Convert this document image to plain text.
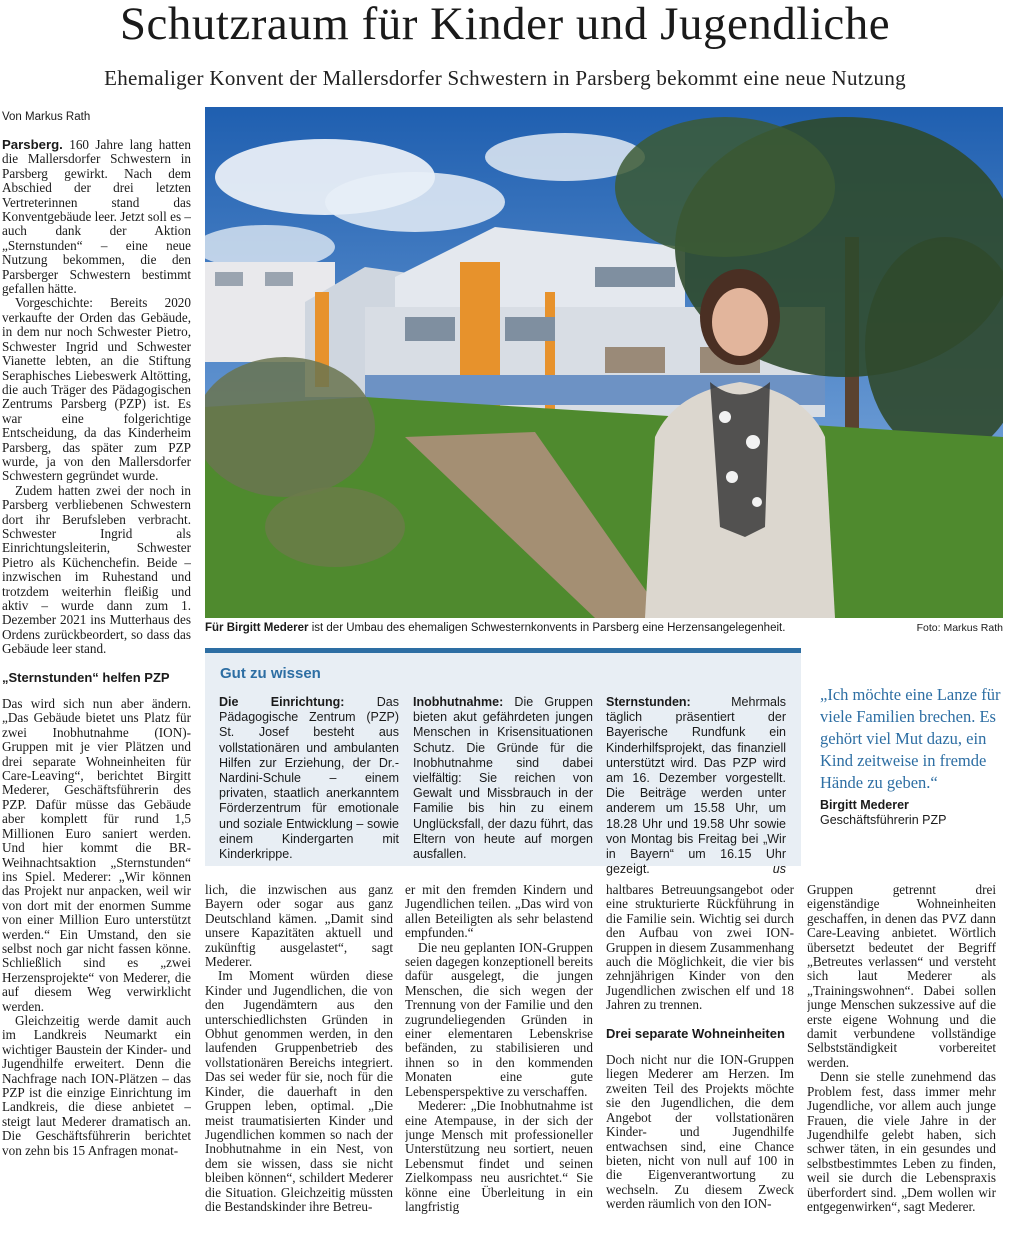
Schutzraum für Kinder und Jugendliche
Ehemaliger Konvent der Mallersdorfer Schwestern in Parsberg bekommt eine neue Nutzung
Von Markus Rath

Parsberg. 160 Jahre lang hatten die Mallersdorfer Schwestern in Parsberg gewirkt. Nach dem Abschied der drei letzten Vertreterinnen stand das Konventgebäude leer. Jetzt soll es – auch dank der Aktion „Sternstunden“ – eine neue Nutzung bekommen, die den Parsberger Schwestern bestimmt gefallen hätte.

Vorgeschichte: Bereits 2020 verkaufte der Orden das Gebäude, in dem nur noch Schwester Pietro, Schwester Ingrid und Schwester Vianette lebten, an die Stiftung Seraphisches Liebeswerk Altötting, die auch Träger des Pädagogischen Zentrums Parsberg (PZP) ist. Es war eine folgerichtige Entscheidung, da das Kinderheim Parsberg, das später zum PZP wurde, ja von den Mallersdorfer Schwestern gegründet wurde.

Zudem hatten zwei der noch in Parsberg verbliebenen Schwestern dort ihr Berufsleben verbracht. Schwester Ingrid als Einrichtungsleiterin, Schwester Pietro als Küchenchefin. Beide – inzwischen im Ruhestand und trotzdem weiterhin fleißig und aktiv – wurde dann zum 1. Dezember 2021 ins Mutterhaus des Ordens zurückbeordert, so dass das Gebäude leer stand.

„Sternstunden“ helfen PZP

Das wird sich nun aber ändern. „Das Gebäude bietet uns Platz für zwei Inobhutnahme (ION)-Gruppen mit je vier Plätzen und drei separate Wohneinheiten für Care-Leaving“, berichtet Birgitt Mederer, Geschäftsführerin des PZP. Dafür müsse das Gebäude aber komplett für rund 1,5 Millionen Euro saniert werden. Und hier kommt die BR-Weihnachtsaktion „Sternstunden“ ins Spiel. Mederer: „Wir können das Projekt nur anpacken, weil wir von dort mit der enormen Summe von einer Million Euro unterstützt werden.“ Ein Umstand, den sie selbst noch gar nicht fassen könne. Schließlich sind es „zwei Herzensprojekte“ von Mederer, die auf diesem Weg verwirklicht werden.

Gleichzeitig werde damit auch im Landkreis Neumarkt ein wichtiger Baustein der Kinder- und Jugendhilfe erweitert. Denn die Nachfrage nach ION-Plätzen – das PZP ist die einzige Einrichtung im Landkreis, die diese anbietet – steigt laut Mederer dramatisch an. Die Geschäftsführerin berichtet von zehn bis 15 Anfragen monat-

Für Birgitt Mederer ist der Umbau des ehemaligen Schwesternkonvents in Parsberg eine Herzensangelegenheit.	Foto: Markus Rath
Gut zu wissen
Die Einrichtung: Das Pädagogische Zentrum (PZP) St. Josef besteht aus vollstationären und ambulanten Hilfen zur Erziehung, der Dr.-Nardini-Schule – einem privaten, staatlich anerkanntem Förderzentrum für emotionale und soziale Entwicklung – sowie einem Kindergarten mit Kinderkrippe.
Inobhutnahme: Die Gruppen bieten akut gefährdeten jungen Menschen in Krisensituationen Schutz. Die Gründe für die Inobhutnahme sind dabei vielfältig: Sie reichen von Gewalt und Missbrauch in der Familie bis hin zu einem Unglücksfall, der dazu führt, das Eltern von heute auf morgen ausfallen.
Sternstunden: Mehrmals täglich präsentiert der Bayerische Rundfunk ein Kinderhilfsprojekt, das finanziell unterstützt wird. Das PZP wird am 16. Dezember vorgestellt. Die Beiträge werden unter anderem um 15.58 Uhr, um 18.28 Uhr und 19.58 Uhr sowie von Montag bis Freitag bei „Wir in Bayern“ um 16.15 Uhr gezeigt.	us
„Ich möchte eine Lanze für viele Familien brechen. Es gehört viel Mut dazu, ein Kind zeitweise in fremde Hände zu geben.“
Birgitt Mederer
Geschäftsführerin PZP

lich, die inzwischen aus ganz Bayern oder sogar aus ganz Deutschland kämen. „Damit sind unsere Kapazitäten aktuell und zukünftig ausgelastet“, sagt Mederer.

Im Moment würden diese Kinder und Jugendlichen, die von den Jugendämtern aus den unterschiedlichsten Gründen in Obhut genommen werden, in den laufenden Gruppenbetrieb des vollstationären Bereichs integriert. Das sei weder für sie, noch für die Kinder, die dauerhaft in den Gruppen leben, optimal. „Die meist traumatisierten Kinder und Jugendlichen kommen so nach der Inobhutnahme in ein Nest, von dem sie wissen, dass sie nicht bleiben können“, schildert Mederer die Situation. Gleichzeitig müssten die Bestandskinder ihre Betreu-

er mit den fremden Kindern und Jugendlichen teilen. „Das wird von allen Beteiligten als sehr belastend empfunden.“

Die neu geplanten ION-Gruppen seien dagegen konzeptionell bereits dafür ausgelegt, die jungen Menschen, die sich wegen der Trennung von der Familie und den zugrundeliegenden Gründen in einer elementaren Lebenskrise befänden, zu stabilisieren und ihnen so in den kommenden Monaten eine gute Lebensperspektive zu verschaffen.

Mederer: „Die Inobhutnahme ist eine Atempause, in der sich der junge Mensch mit professioneller Unterstützung neu sortiert, neuen Lebensmut findet und seinen Zielkompass neu ausrichtet.“ Sie könne eine Überleitung in ein langfristig

haltbares Betreuungsangebot oder eine strukturierte Rückführung in die Familie sein. Wichtig sei durch den Aufbau von zwei ION-Gruppen in diesem Zusammenhang auch die Möglichkeit, die vier bis zehnjährigen Kinder von den Jugendlichen zwischen elf und 18 Jahren zu trennen.

Drei separate Wohneinheiten

Doch nicht nur die ION-Gruppen liegen Mederer am Herzen. Im zweiten Teil des Projekts möchte sie den Jugendlichen, die dem Angebot der vollstationären Kinder- und Jugendhilfe entwachsen sind, eine Chance bieten, nicht von null auf 100 in die Eigenverantwortung zu wechseln. Zu diesem Zweck werden räumlich von den ION-

Gruppen getrennt drei eigenständige Wohneinheiten geschaffen, in denen das PVZ dann Care-Leaving anbietet. Wörtlich übersetzt bedeutet der Begriff „Betreutes verlassen“ und versteht sich laut Mederer als „Trainingswohnen“. Dabei sollen junge Menschen sukzessive auf die erste eigene Wohnung und die damit verbundene vollständige Selbstständigkeit vorbereitet werden.

Denn sie stelle zunehmend das Problem fest, dass immer mehr Jugendliche, vor allem auch junge Frauen, die viele Jahre in der Jugendhilfe gelebt haben, sich schwer täten, in ein gesundes und selbstbestimmtes Leben zu finden, weil sie durch die Lebenspraxis überfordert sind. „Dem wollen wir entgegenwirken“, sagt Mederer.
